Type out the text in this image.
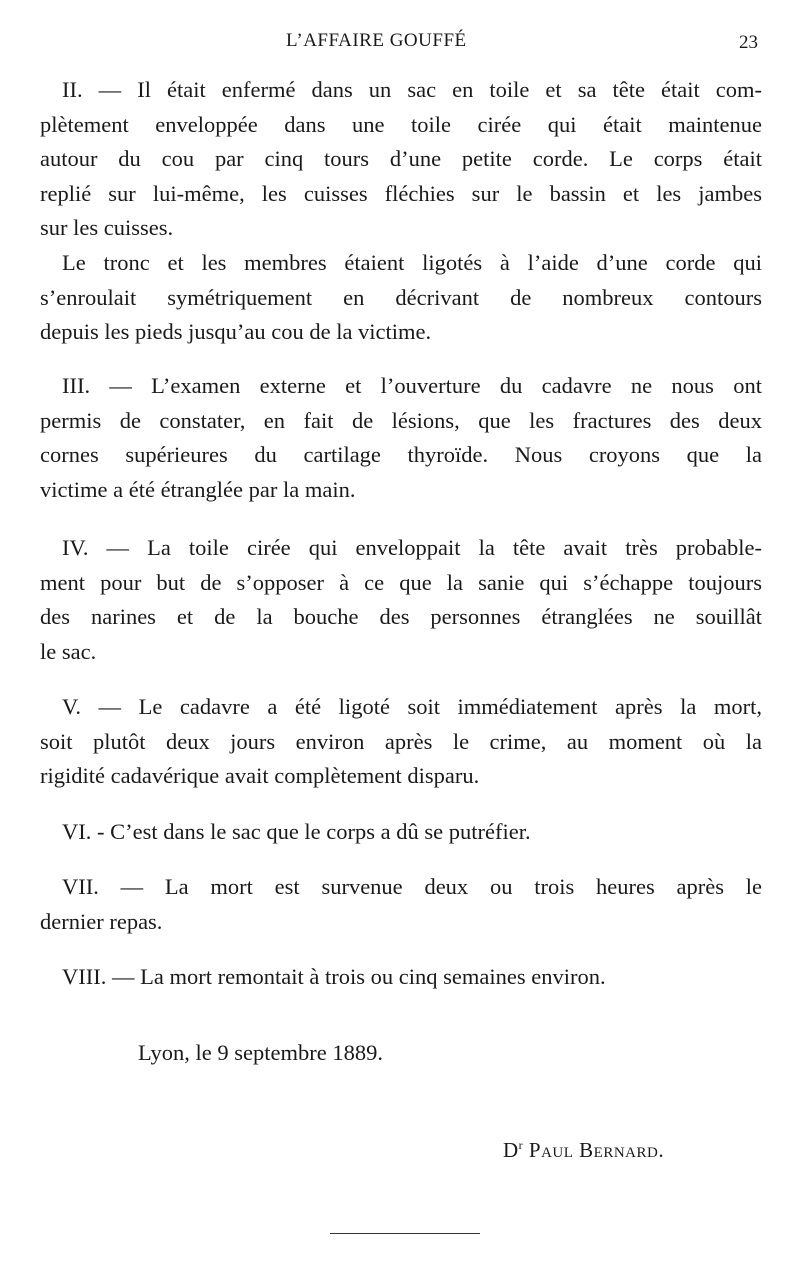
L’AFFAIRE GOUFFÉ	23
II. — Il était enfermé dans un sac en toile et sa tête était com-
plètement enveloppée dans une toile cirée qui était maintenue
autour du cou par cinq tours d’une petite corde. Le corps était
replié sur lui-même, les cuisses fléchies sur le bassin et les jambes
sur les cuisses.
Le tronc et les membres étaient ligotés à l’aide d’une corde qui
s’enroulait symétriquement en décrivant de nombreux contours
depuis les pieds jusqu’au cou de la victime.
III. — L’examen externe et l’ouverture du cadavre ne nous ont
permis de constater, en fait de lésions, que les fractures des deux
cornes supérieures du cartilage thyroïde. Nous croyons que la
victime a été étranglée par la main.
IV. — La toile cirée qui enveloppait la tête avait très probable-
ment pour but de s’opposer à ce que la sanie qui s’échappe toujours
des narines et de la bouche des personnes étranglées ne souillât
le sac.
V. — Le cadavre a été ligoté soit immédiatement après la mort,
soit plutôt deux jours environ après le crime, au moment où la
rigidité cadavérique avait complètement disparu.
VI. - C’est dans le sac que le corps a dû se putréfier.
VII. — La mort est survenue deux ou trois heures après le
dernier repas.
VIII. — La mort remontait à trois ou cinq semaines environ.
Lyon, le 9 septembre 1889.
$D^r$ Paul Bernard.
